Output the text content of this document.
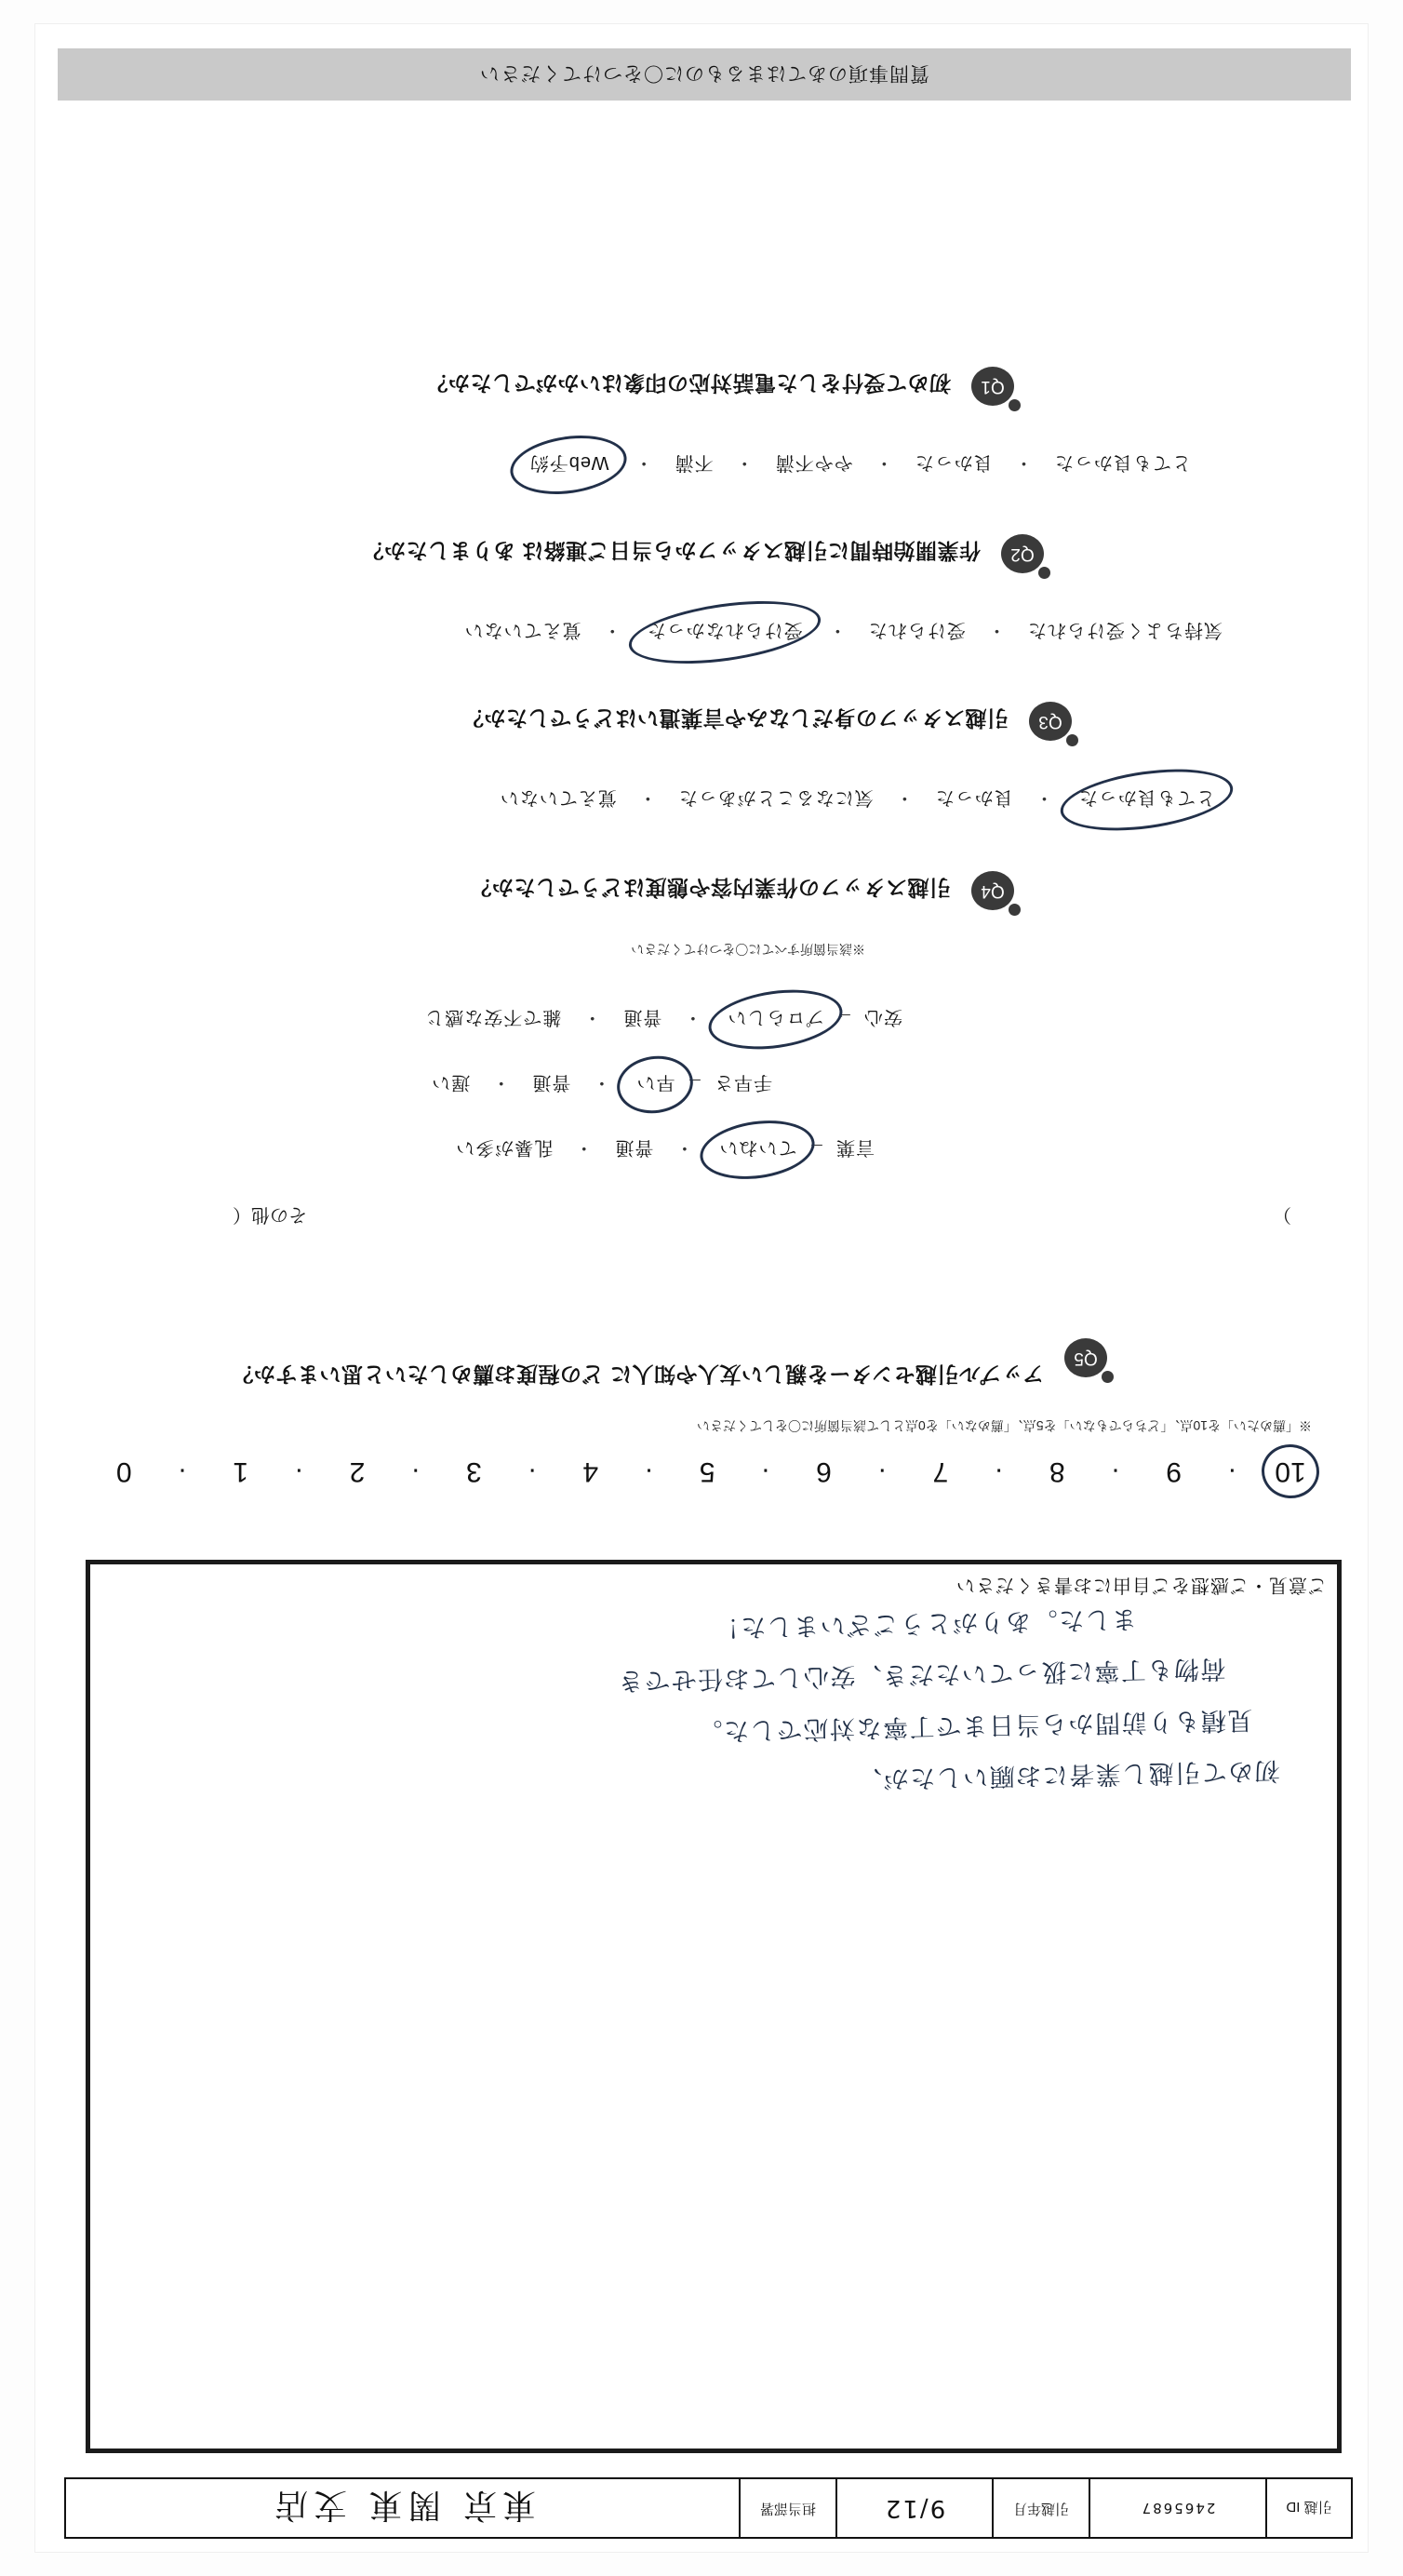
引越 ID
2465687
引越年月
9/12
担当部署
東京 関東 支店
初めて引越し業者にお願いしたが、
見積もり訪問から当日まで丁寧な対応でした。
荷物も丁寧に扱っていただき、安心してお任せでき
ました。ありがとうございました！
ご意見・ご感想をご自由にお書きください
10
·
9
·
8
·
7
·
6
·
5
·
4
·
3
·
2
·
1
·
0
※「薦めたい」を10点、「どちらでもない」を5点、「薦めない」を0点として該当箇所に〇をしてください
Q5
アップル引越センターを親しい友人や知人に どの程度お薦めしたいと思いますか？
その他（	）
言葉→ ていねい ・ 普通 ・ 乱暴が多い
手早さ→ 早い ・ 普通 ・ 遅い
安心→ プロらしい ・ 普通 ・ 雑で不安な感じ
※該当箇所すべてに〇をつけてください
Q4
引越スタッフの作業内容や態度はどうでしたか？
とても良かった ・ 良かった ・ 気になることがあった ・ 覚えていない
Q3
引越スタッフの身だしなみや言葉遣いはどうでしたか？
気持ちよく受けられた ・ 受けられた ・ 受けられなかった ・ 覚えていない
Q2
作業開始時間に引越スタッフから当日ご連絡は ありましたか？
とても良かった ・ 良かった ・ やや不満 ・ 不満 ・ Web予約
Q1
初めて受付をした電話対応の印象はいかがでしたか？
質問事項のあてはまるものに〇をつけてください
